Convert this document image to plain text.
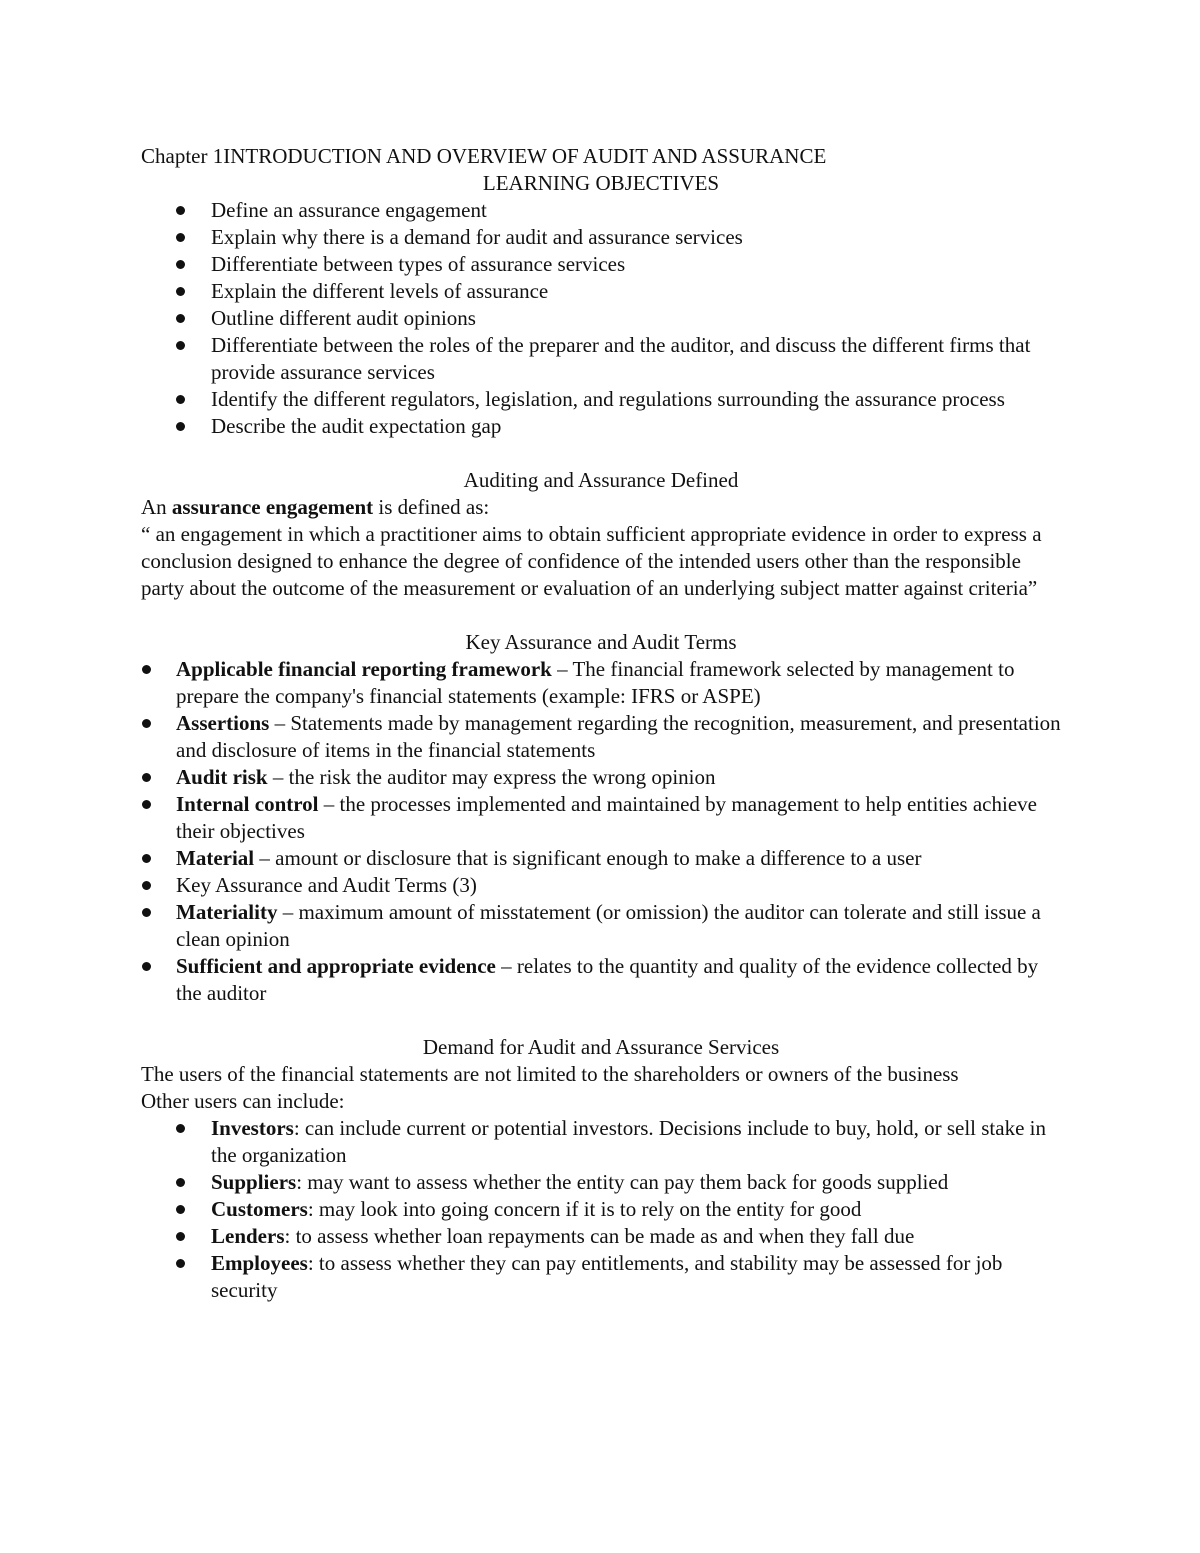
Chapter 1INTRODUCTION AND OVERVIEW OF AUDIT AND ASSURANCE

LEARNING OBJECTIVES

Define an assurance engagement
Explain why there is a demand for audit and assurance services
Differentiate between types of assurance services
Explain the different levels of assurance
Outline different audit opinions
Differentiate between the roles of the preparer and the auditor, and discuss the different firms that provide assurance services
Identify the different regulators, legislation, and regulations surrounding the assurance process
Describe the audit expectation gap

Auditing and Assurance Defined

An assurance engagement is defined as:

“ an engagement in which a practitioner aims to obtain sufficient appropriate evidence in order to express a conclusion designed to enhance the degree of confidence of the intended users other than the responsible party about the outcome of the measurement or evaluation of an underlying subject matter against criteria”

Key Assurance and Audit Terms

Applicable financial reporting framework – The financial framework selected by management to prepare the company's financial statements (example: IFRS or ASPE)
Assertions – Statements made by management regarding the recognition, measurement, and presentation and disclosure of items in the financial statements
Audit risk – the risk the auditor may express the wrong opinion
Internal control – the processes implemented and maintained by management to help entities achieve their objectives
Material – amount or disclosure that is significant enough to make a difference to a user
Key Assurance and Audit Terms (3)
Materiality – maximum amount of misstatement (or omission) the auditor can tolerate and still issue a clean opinion
Sufficient and appropriate evidence – relates to the quantity and quality of the evidence collected by the auditor

Demand for Audit and Assurance Services

The users of the financial statements are not limited to the shareholders or owners of the business

Other users can include:

Investors: can include current or potential investors. Decisions include to buy, hold, or sell stake in the organization
Suppliers: may want to assess whether the entity can pay them back for goods supplied
Customers: may look into going concern if it is to rely on the entity for good
Lenders: to assess whether loan repayments can be made as and when they fall due
Employees: to assess whether they can pay entitlements, and stability may be assessed for job security
